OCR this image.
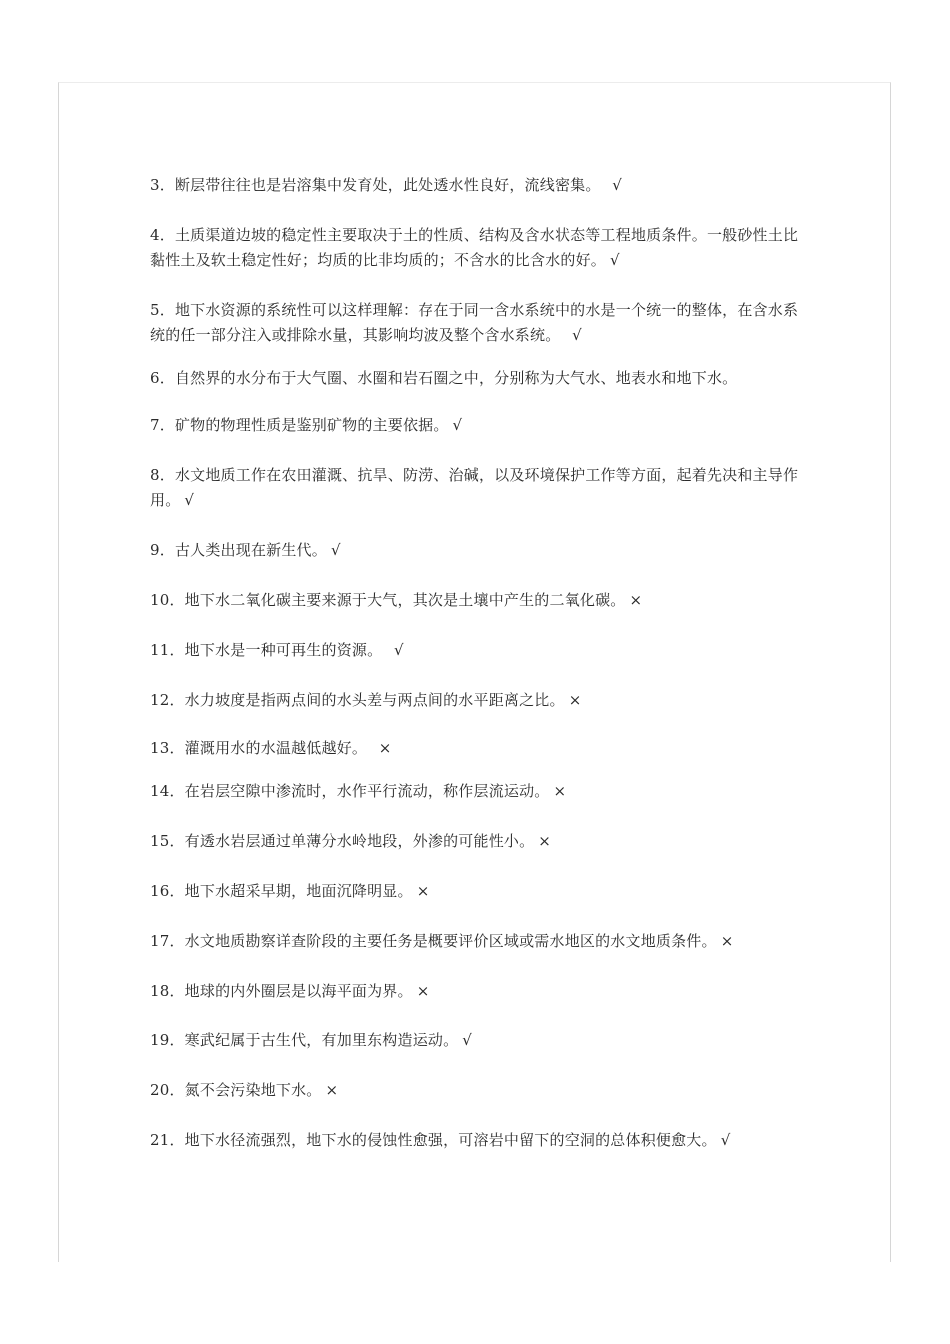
3．断层带往往也是岩溶集中发育处，此处透水性良好，流线密集。　√
4．土质渠道边坡的稳定性主要取决于土的性质、结构及含水状态等工程地质条件。一般砂性土比黏性土及软土稳定性好；均质的比非均质的；不含水的比含水的好。 √
5．地下水资源的系统性可以这样理解：存在于同一含水系统中的水是一个统一的整体，在含水系统的任一部分注入或排除水量，其影响均波及整个含水系统。　√
6．自然界的水分布于大气圈、水圈和岩石圈之中，分别称为大气水、地表水和地下水。
7．矿物的物理性质是鉴别矿物的主要依据。 √
8．水文地质工作在农田灌溉、抗旱、防涝、治碱，以及环境保护工作等方面，起着先决和主导作用。 √
9．古人类出现在新生代。 √
10．地下水二氧化碳主要来源于大气，其次是土壤中产生的二氧化碳。 ×
11．地下水是一种可再生的资源。　√
12．水力坡度是指两点间的水头差与两点间的水平距离之比。 ×
13．灌溉用水的水温越低越好。　×
14．在岩层空隙中渗流时，水作平行流动，称作层流运动。 ×
15．有透水岩层通过单薄分水岭地段，外渗的可能性小。 ×
16．地下水超采早期，地面沉降明显。 ×
17．水文地质勘察详查阶段的主要任务是概要评价区域或需水地区的水文地质条件。 ×
18．地球的内外圈层是以海平面为界。 ×
19．寒武纪属于古生代，有加里东构造运动。 √
20．氮不会污染地下水。 ×
21．地下水径流强烈，地下水的侵蚀性愈强，可溶岩中留下的空洞的总体积便愈大。 √
